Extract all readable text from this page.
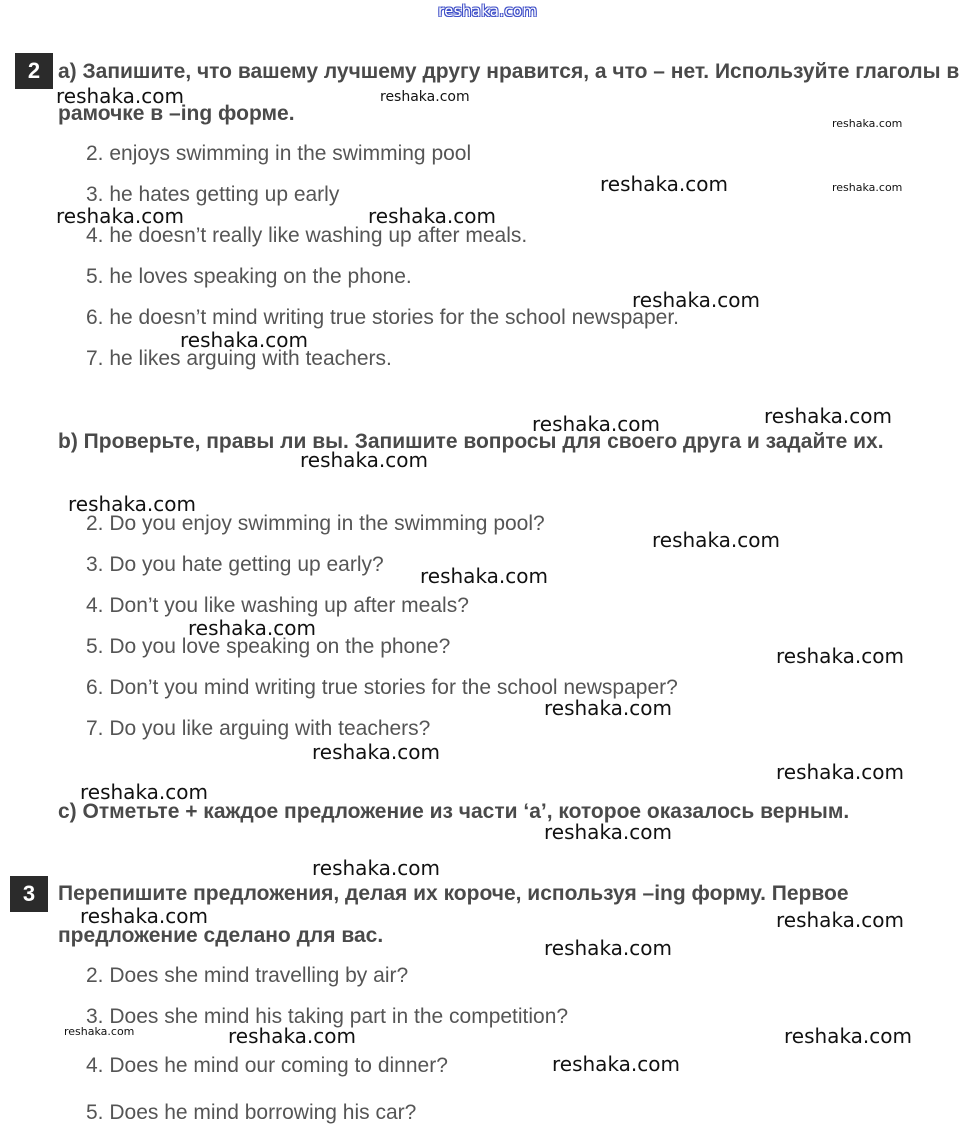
reshaka.com
2 а) Запишите, что вашему лучшему другу нравится, а что – нет. Используйте глаголы в рамочке в –ing форме.

2. enjoys swimming in the swimming pool

3. he hates getting up early

4. he doesn’t really like washing up after meals.

5. he loves speaking on the phone.

6. he doesn’t mind writing true stories for the school newspaper.

7. he likes arguing with teachers.

b) Проверьте, правы ли вы. Запишите вопросы для своего друга и задайте их.

2. Do you enjoy swimming in the swimming pool?

3. Do you hate getting up early?

4. Don’t you like washing up after meals?

5. Do you love speaking on the phone?

6. Don’t you mind writing true stories for the school newspaper?

7. Do you like arguing with teachers?

с) Отметьте + каждое предложение из части ‘а’, которое оказалось верным.

3	Перепишите предложения, делая их короче, используя –ing форму. Первое предложение сделано для вас.

2. Does she mind travelling by air?

3. Does she mind his taking part in the competition?

4. Does he mind our coming to dinner?

5. Does he mind borrowing his car?

reshaka.com	reshaka.com
reshaka.com
reshaka.com	reshaka.com
reshaka.com	reshaka.com
reshaka.com
reshaka.com
reshaka.com
reshaka.com
reshaka.com
reshaka.com
reshaka.com
reshaka.com
reshaka.com
reshaka.com
reshaka.com
reshaka.com
reshaka.com
reshaka.com
reshaka.com
reshaka.com
reshaka.com	reshaka.com
reshaka.com
reshaka.com	reshaka.com	reshaka.com
reshaka.com
